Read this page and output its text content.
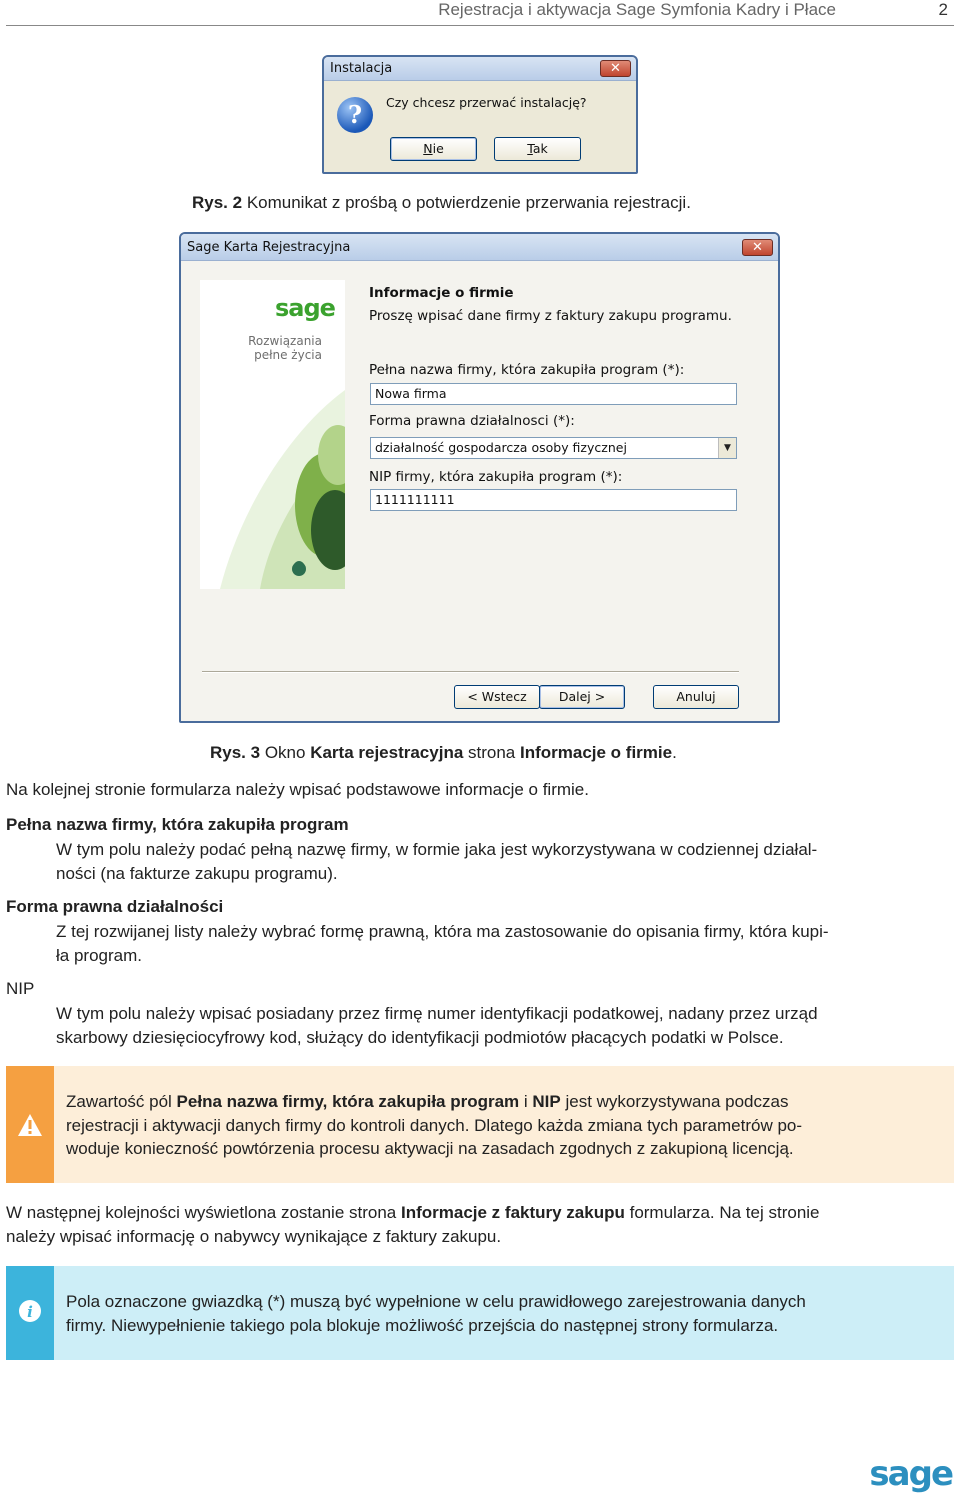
Rejestracja i aktywacja Sage Symfonia Kadry i Płace	2
Instalacja	✕
?	Czy chcesz przerwać instalację?
Nie	Tak
Rys. 2 Komunikat z prośbą o potwierdzenie przerwania rejestracji.
Sage Karta Rejestracyjna	✕
sage
Rozwiązania
pełne życia
Informacje o firmie
Proszę wpisać dane firmy z faktury zakupu programu.
Pełna nazwa firmy, która zakupiła program (*):
Nowa firma
Forma prawna działalnosci (*):
działalność gospodarcza osoby fizycznej	▼
NIP firmy, która zakupiła program (*):
1111111111
< Wstecz	Dalej >	Anuluj
Rys. 3 Okno Karta rejestracyjna strona Informacje o firmie.
Na kolejnej stronie formularza należy wpisać podstawowe informacje o firmie.
Pełna nazwa firmy, która zakupiła program
W tym polu należy podać pełną nazwę firmy, w formie jaka jest wykorzystywana w codziennej działal-
ności (na fakturze zakupu programu).
Forma prawna działalności
Z tej rozwijanej listy należy wybrać formę prawną, która ma zastosowanie do opisania firmy, która kupi-
ła program.
NIP
W tym polu należy wpisać posiadany przez firmę numer identyfikacji podatkowej, nadany przez urząd
skarbowy dziesięciocyfrowy kod, służący do identyfikacji podmiotów płacących podatki w Polsce.
Zawartość pól Pełna nazwa firmy, która zakupiła program i NIP jest wykorzystywana podczas
rejestracji i aktywacji danych firmy do kontroli danych. Dlatego każda zmiana tych parametrów po-
woduje konieczność powtórzenia procesu aktywacji na zasadach zgodnych z zakupioną licencją.
W następnej kolejności wyświetlona zostanie strona Informacje z faktury zakupu formularza. Na tej stronie
należy wpisać informację o nabywcy wynikające z faktury zakupu.
i
Pola oznaczone gwiazdką (*) muszą być wypełnione w celu prawidłowego zarejestrowania danych
firmy. Niewypełnienie takiego pola blokuje możliwość przejścia do następnej strony formularza.
sage
